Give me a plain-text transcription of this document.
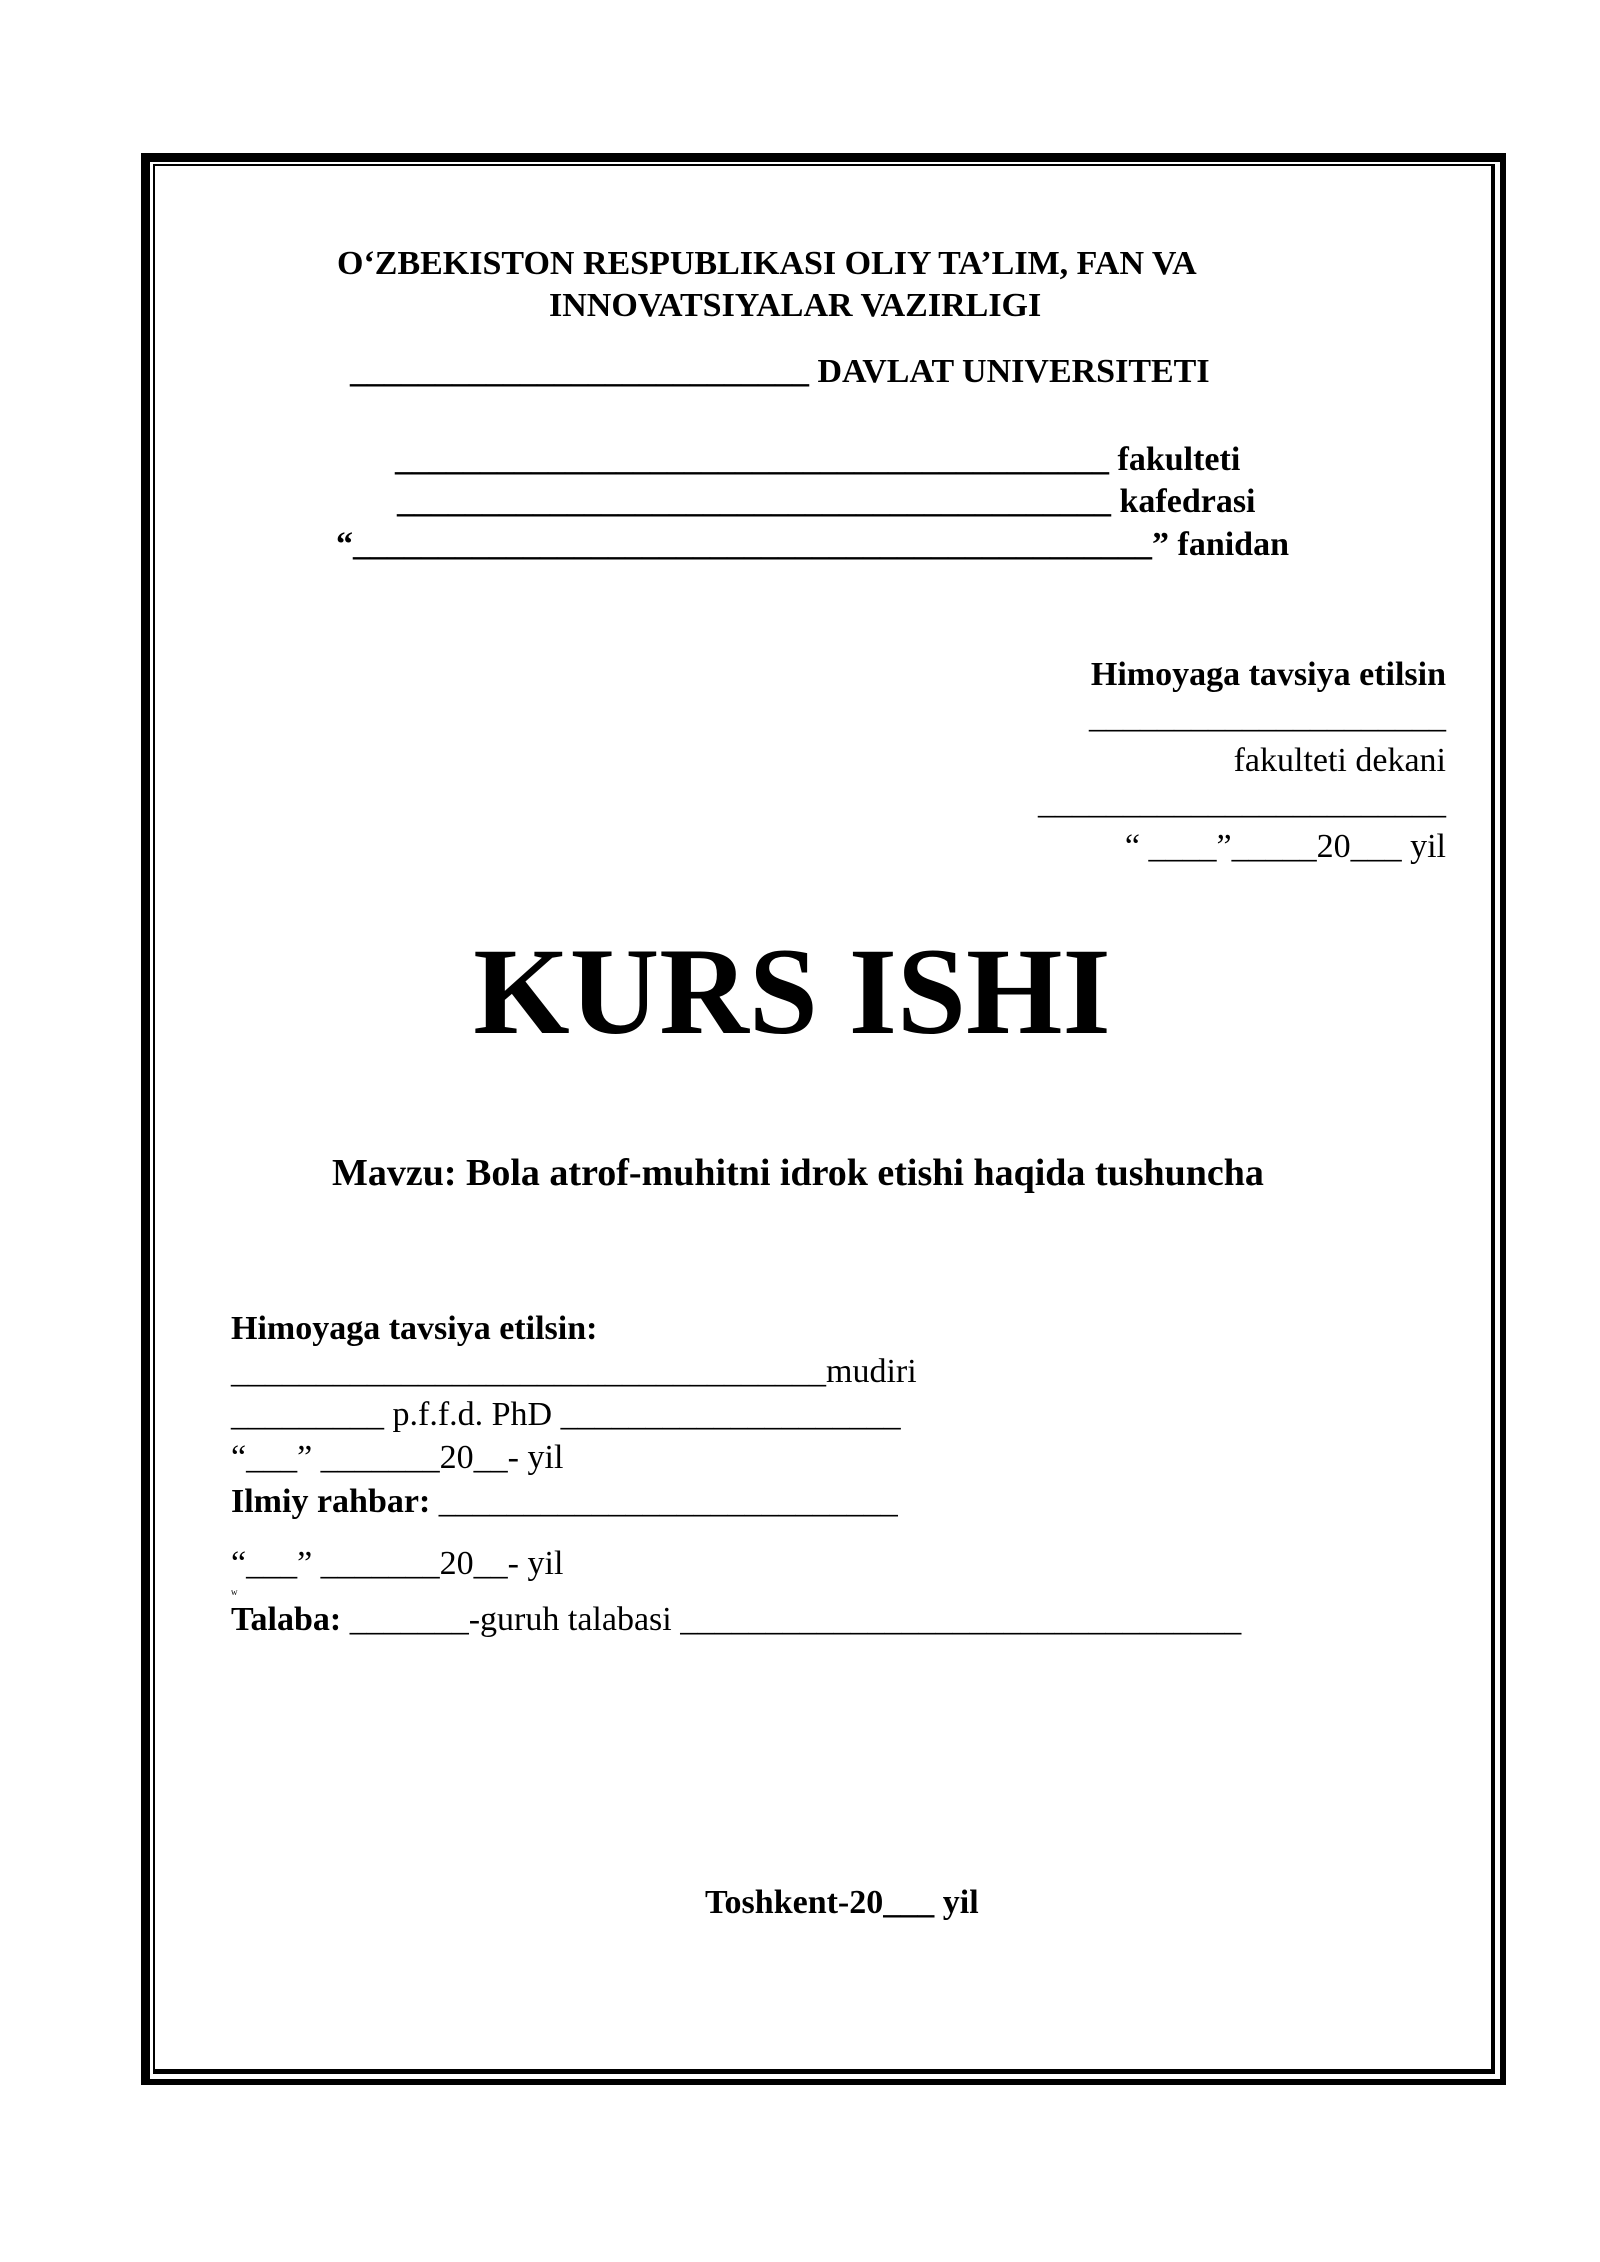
O‘ZBEKISTON RESPUBLIKASI OLIY TA’LIM, FAN VA
INNOVATSIYALAR VAZIRLIGI
___________________________ DAVLAT UNIVERSITETI
__________________________________________ fakulteti
__________________________________________ kafedrasi
“_______________________________________________” fanidan
Himoyaga tavsiya etilsin
_____________________
fakulteti dekani
________________________
“ ____”_____20___ yil
KURS ISHI
Mavzu: Bola atrof-muhitni idrok etishi haqida tushuncha
Himoyaga tavsiya etilsin:
___________________________________mudiri
_________ p.f.f.d. PhD ____________________
“___” _______20__- yil
Ilmiy rahbar: ___________________________
“___” _______20__- yil
w
Talaba: _______-guruh talabasi _________________________________
Toshkent-20___ yil
